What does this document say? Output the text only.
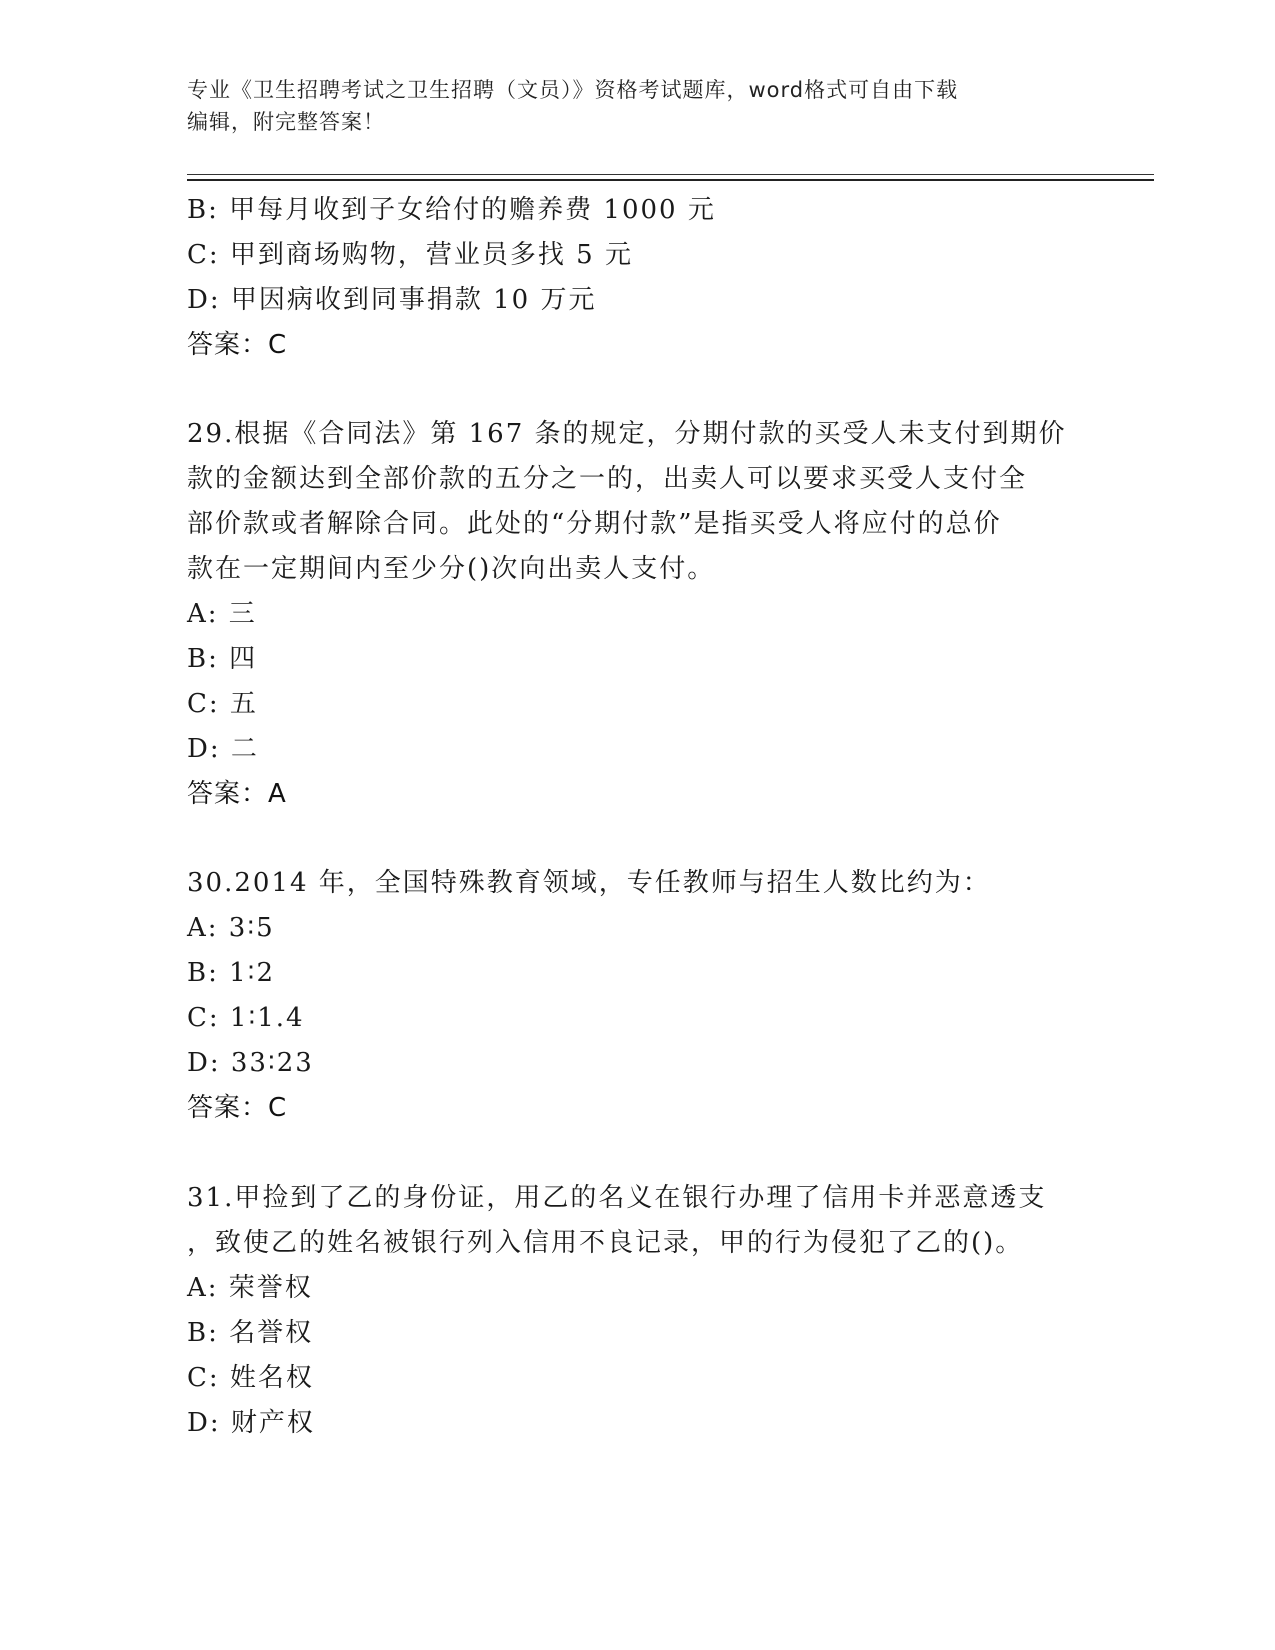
专业《卫生招聘考试之卫生招聘（文员）》资格考试题库，word格式可自由下载
编辑，附完整答案！
B: 甲每月收到子女给付的赡养费 1000 元
C: 甲到商场购物，营业员多找 5 元
D: 甲因病收到同事捐款 10 万元
答案：C
29.根据《合同法》第 167 条的规定，分期付款的买受人未支付到期价
款的金额达到全部价款的五分之一的，出卖人可以要求买受人支付全
部价款或者解除合同。此处的“分期付款”是指买受人将应付的总价
款在一定期间内至少分()次向出卖人支付。
A: 三
B: 四
C: 五
D: 二
答案：A
30.2014 年，全国特殊教育领域，专任教师与招生人数比约为：
A: 3∶5
B: 1∶2
C: 1∶1.4
D: 33∶23
答案：C
31.甲捡到了乙的身份证，用乙的名义在银行办理了信用卡并恶意透支
，致使乙的姓名被银行列入信用不良记录，甲的行为侵犯了乙的()。
A: 荣誉权
B: 名誉权
C: 姓名权
D: 财产权
